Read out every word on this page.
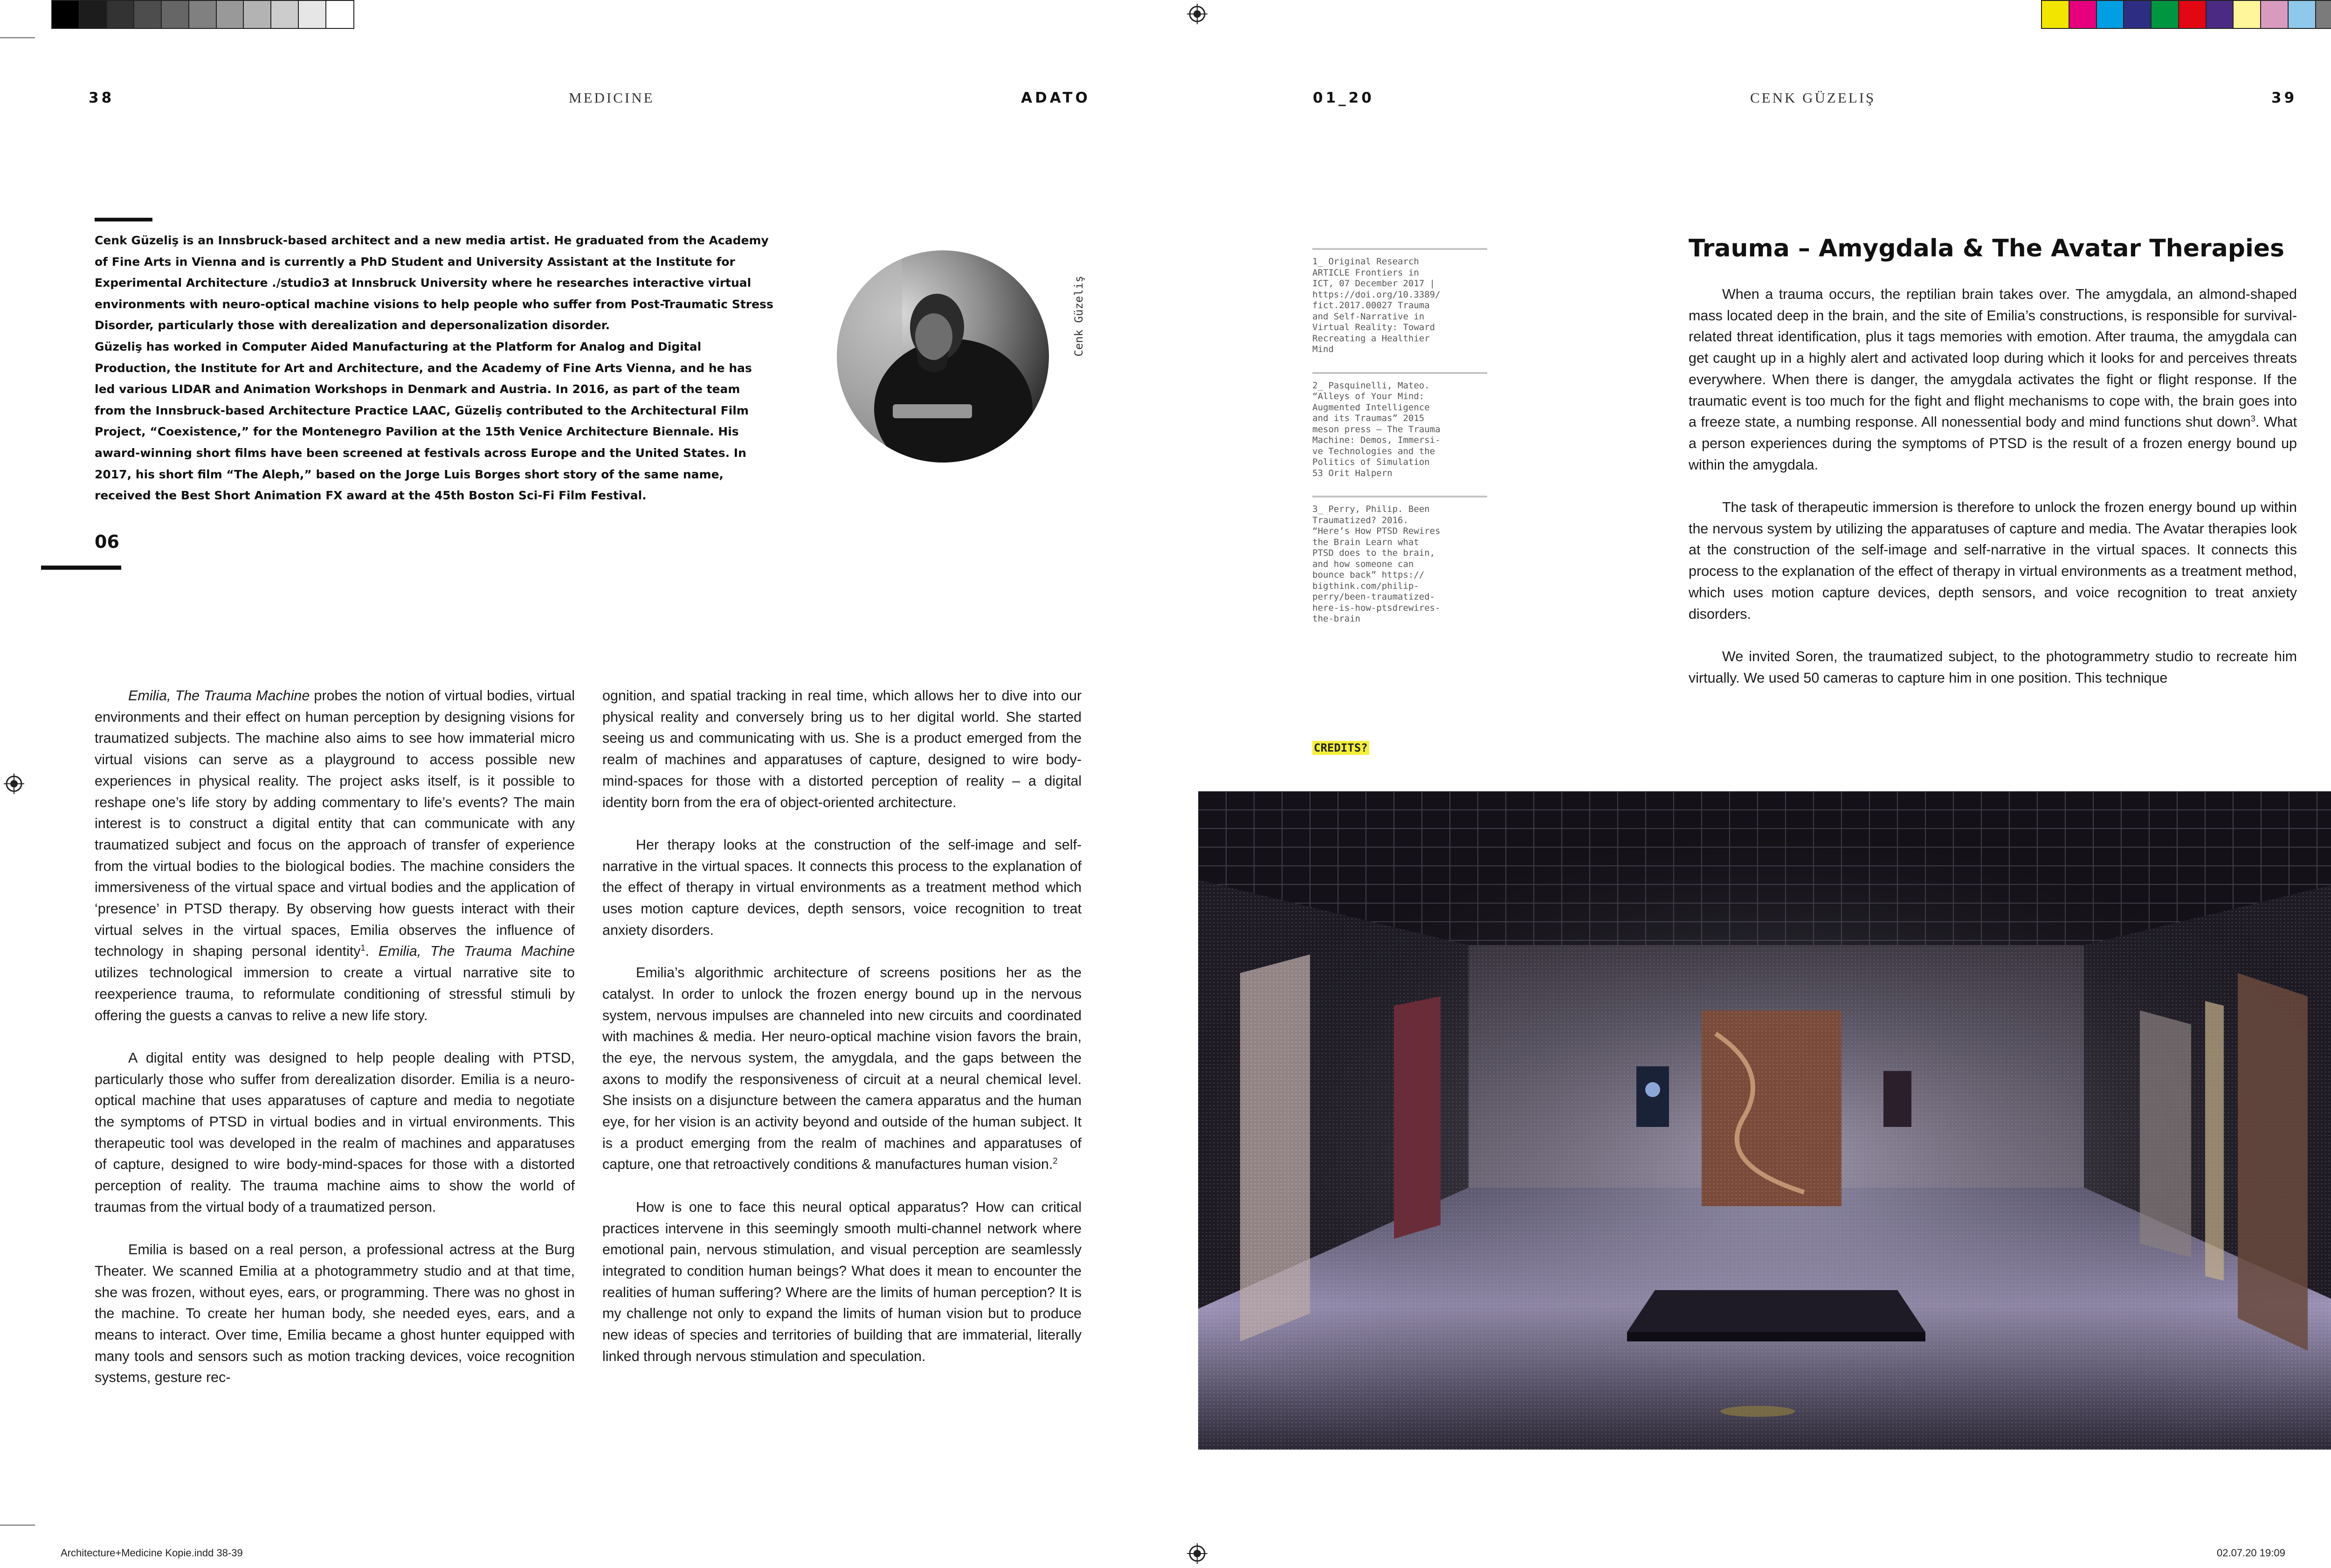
38	MEDICINE	ADATO	01_20	CENK GÜZELIŞ	39

Cenk Güzeliş is an Innsbruck-based architect and a new media artist. He graduated from the Academy of Fine Arts in Vienna and is currently a PhD Student and University Assistant at the Institute for Experimental Architecture ./studio3 at Innsbruck University where he researches interactive virtual environments with neuro-optical machine visions to help people who suffer from Post-Traumatic Stress Disorder, particularly those with derealization and depersonalization disorder.

Güzeliş has worked in Computer Aided Manufacturing at the Platform for Analog and Digital Production, the Institute for Art and Architecture, and the Academy of Fine Arts Vienna, and he has led various LIDAR and Animation Workshops in Denmark and Austria. In 2016, as part of the team from the Innsbruck-based Architecture Practice LAAC, Güzeliş contributed to the Architectural Film Project, “Coexistence,” for the Montenegro Pavilion at the 15th Venice Architecture Biennale. His award-winning short films have been screened at festivals across Europe and the United States. In 2017, his short film “The Aleph,” based on the Jorge Luis Borges short story of the same name, received the Best Short Animation FX award at the 45th Boston Sci-Fi Film Festival.

Cenk Güzeliş
06

Emilia, The Trauma Machine probes the notion of virtual bodies, virtual environments and their effect on human perception by designing visions for traumatized subjects. The machine also aims to see how immaterial micro virtual visions can serve as a playground to access possible new experiences in physical reality. The project asks itself, is it possible to reshape one’s life story by adding commentary to life’s events? The main interest is to construct a digital entity that can communicate with any traumatized subject and focus on the approach of transfer of experience from the virtual bodies to the biological bodies. The machine considers the immersiveness of the virtual space and virtual bodies and the application of ‘presence’ in PTSD therapy. By observing how guests interact with their virtual selves in the virtual spaces, Emilia observes the influence of technology in shaping personal identity$^1$. Emilia, The Trauma Machine utilizes technological immersion to create a virtual narrative site to reexperience trauma, to reformulate conditioning of stressful stimuli by offering the guests a canvas to relive a new life story.

A digital entity was designed to help people dealing with PTSD, particularly those who suffer from derealization disorder. Emilia is a neuro-optical machine that uses apparatuses of capture and media to negotiate the symptoms of PTSD in virtual bodies and in virtual environments. This therapeutic tool was developed in the realm of machines and apparatuses of capture, designed to wire body-mind-spaces for those with a distorted perception of reality. The trauma machine aims to show the world of traumas from the virtual body of a traumatized person.

Emilia is based on a real person, a professional actress at the Burg Theater. We scanned Emilia at a photogrammetry studio and at that time, she was frozen, without eyes, ears, or programming. There was no ghost in the machine. To create her human body, she needed eyes, ears, and a means to interact. Over time, Emilia became a ghost hunter equipped with many tools and sensors such as motion tracking devices, voice recognition systems, gesture rec-

ognition, and spatial tracking in real time, which allows her to dive into our physical reality and conversely bring us to her digital world. She started seeing us and communicating with us. She is a product emerged from the realm of machines and apparatuses of capture, designed to wire body-mind-spaces for those with a distorted perception of reality – a digital identity born from the era of object-oriented architecture.

Her therapy looks at the construction of the self-image and self-narrative in the virtual spaces. It connects this process to the explanation of the effect of therapy in virtual environments as a treatment method which uses motion capture devices, depth sensors, voice recognition to treat anxiety disorders.

Emilia’s algorithmic architecture of screens positions her as the catalyst. In order to unlock the frozen energy bound up in the nervous system, nervous impulses are channeled into new circuits and coordinated with machines & media. Her neuro-optical machine vision favors the brain, the eye, the nervous system, the amygdala, and the gaps between the axons to modify the responsiveness of circuit at a neural chemical level. She insists on a disjuncture between the camera apparatus and the human eye, for her vision is an activity beyond and outside of the human subject. It is a product emerging from the realm of machines and apparatuses of capture, one that retroactively conditions & manufactures human vision.$^2$

How is one to face this neural optical apparatus? How can critical practices intervene in this seemingly smooth multi-channel network where emotional pain, nervous stimulation, and visual perception are seamlessly integrated to condition human beings? What does it mean to encounter the realities of human suffering? Where are the limits of human perception? It is my challenge not only to expand the limits of human vision but to produce new ideas of species and territories of building that are immaterial, literally linked through nervous stimulation and speculation.

1_ Original Research
ARTICLE Frontiers in
ICT, 07 December 2017 |
https://doi.org/10.3389/
fict.2017.00027 Trauma
and Self-Narrative in
Virtual Reality: Toward
Recreating a Healthier
Mind
2_ Pasquinelli, Mateo.
“Alleys of Your Mind:
Augmented Intelligence
and its Traumas” 2015
meson press – The Trauma
Machine: Demos, Immersi-
ve Technologies and the
Politics of Simulation
53 Orit Halpern
3_ Perry, Philip. Been
Traumatized? 2016.
“Here’s How PTSD Rewires
the Brain Learn what
PTSD does to the brain,
and how someone can
bounce back” https://
bigthink.com/philip-
perry/been-traumatized-
here-is-how-ptsdrewires-
the-brain
CREDITS?
Trauma – Amygdala & The Avatar Therapies

When a trauma occurs, the reptilian brain takes over. The amygdala, an almond-shaped mass located deep in the brain, and the site of Emilia’s constructions, is responsible for survival-related threat identification, plus it tags memories with emotion. After trauma, the amygdala can get caught up in a highly alert and activated loop during which it looks for and perceives threats everywhere. When there is danger, the amygdala activates the fight or flight response. If the traumatic event is too much for the fight and flight mechanisms to cope with, the brain goes into a freeze state, a numbing response. All nonessential body and mind functions shut down$^3$. What a person experiences during the symptoms of PTSD is the result of a frozen energy bound up within the amygdala.

The task of therapeutic immersion is therefore to unlock the frozen energy bound up within the nervous system by utilizing the apparatuses of capture and media. The Avatar therapies look at the construction of the self-image and self-narrative in the virtual spaces. It connects this process to the explanation of the effect of therapy in virtual environments as a treatment method, which uses motion capture devices, depth sensors, and voice recognition to treat anxiety disorders.

We invited Soren, the traumatized subject, to the photogrammetry studio to recreate him virtually. We used 50 cameras to capture him in one position. This technique

Architecture+Medicine Kopie.indd 38-39	02.07.20 19:09
